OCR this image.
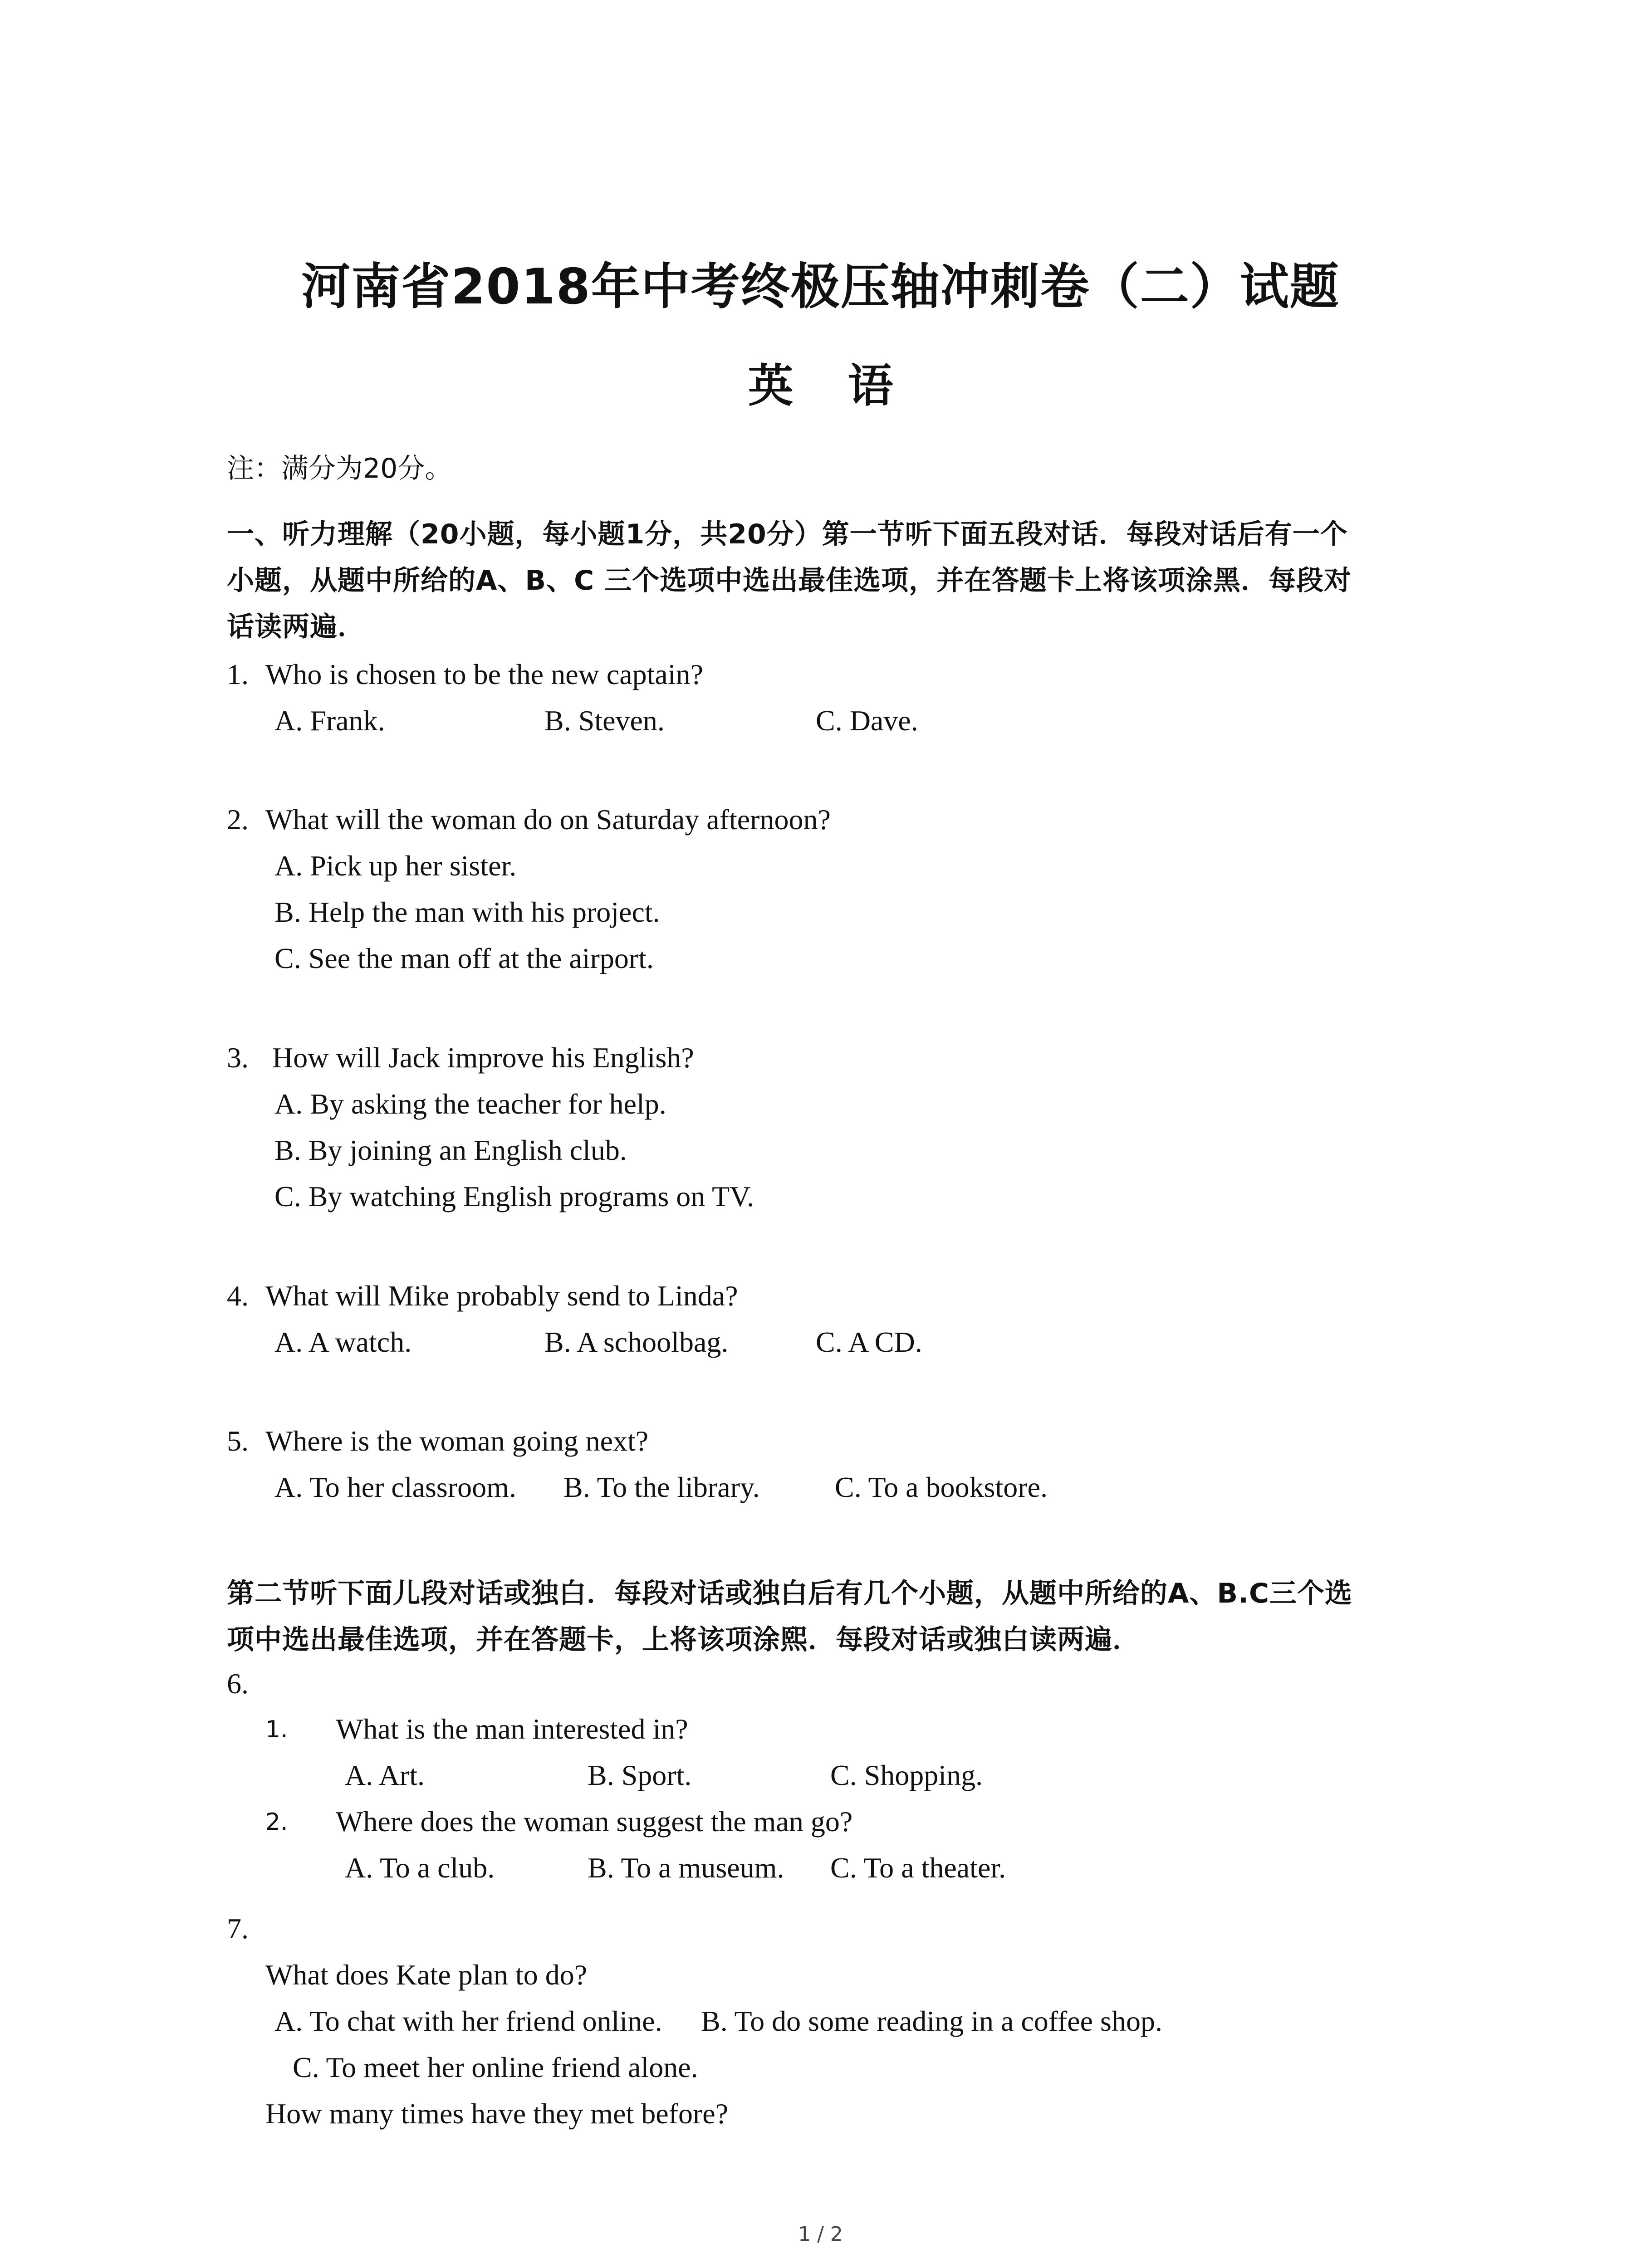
河南省2018年中考终极压轴冲刺卷（二）试题
英语
注：满分为20分。
一、听力理解（20小题，每小题1分，共20分）第一节听下面五段对话．每段对话后有一个
小题，从题中所给的A、B、C 三个选项中选出最佳选项，并在答题卡上将该项涂黑．每段对
话读两遍．
1. Who is chosen to be the new captain?
A. Frank.	B. Steven.	C. Dave.
2. What will the woman do on Saturday afternoon?
A. Pick up her sister.
B. Help the man with his project.
C. See the man off at the airport.
3. How will Jack improve his English?
A. By asking the teacher for help.
B. By joining an English club.
C. By watching English programs on TV.
4. What will Mike probably send to Linda?
A. A watch.	B. A schoolbag.	C. A CD.
5. Where is the woman going next?
A. To her classroom. B. To the library.	C. To a bookstore.
第二节听下面儿段对话或独白．每段对话或独白后有几个小题，从题中所给的A、B.C三个选
项中选出最佳选项，并在答题卡，上将该项涂熙．每段对话或独白读两遍．
6.
1. What is the man interested in?
A. Art.	B. Sport.	C. Shopping.
2. Where does the woman suggest the man go?
A. To a club.	B. To a museum. C. To a theater.
7.
What does Kate plan to do?
A. To chat with her friend online. B. To do some reading in a coffee shop.
C. To meet her online friend alone.
How many times have they met before?
1 / 2
